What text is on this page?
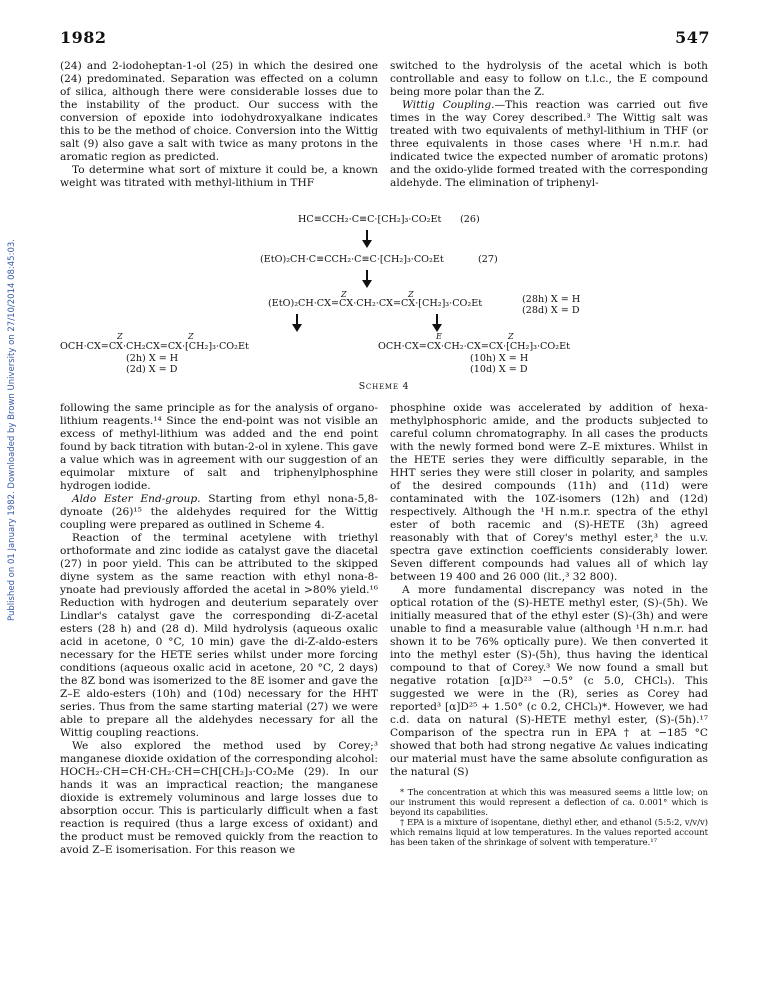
1982	547
Published on 01 January 1982. Downloaded by Brown University on 27/10/2014 08:45:03.

(24) and 2-iodoheptan-1-ol (25) in which the desired one (24) predominated. Separation was effected on a column of silica, although there were considerable losses due to the instability of the product. Our success with the conversion of epoxide into iodohydroxyalkane indicates this to be the method of choice. Conversion into the Wittig salt (9) also gave a salt with twice as many protons in the aromatic region as predicted.

To determine what sort of mixture it could be, a known weight was titrated with methyl-lithium in THF

switched to the hydrolysis of the acetal which is both controllable and easy to follow on t.l.c., the E compound being more polar than the Z.

Wittig Coupling.—This reaction was carried out five times in the way Corey described.³ The Wittig salt was treated with two equivalents of methyl-lithium in THF (or three equivalents in those cases where ¹H n.m.r. had indicated twice the expected number of aromatic protons) and the oxido-ylide formed treated with the corresponding aldehyde. The elimination of triphenyl-

HC≡CCH₂·C≡C·[CH₂]₃·CO₂Et (26)
(EtO)₂CH·C≡CCH₂·C≡C·[CH₂]₃·CO₂Et	(27)
Z	Z
(EtO)₂CH·CX=CX·CH₂·CX=CX·[CH₂]₃·CO₂Et	(28h) X = H
(28d) X = D
Z	Z
OCH·CX=CX·CH₂CX=CX·[CH₂]₃·CO₂Et
(2h) X = H
(2d) X = D
E	Z
OCH·CX=CX·CH₂·CX=CX·[CH₂]₃·CO₂Et
(10h) X = H
(10d) X = D
Scheme 4

following the same principle as for the analysis of organo-lithium reagents.¹⁴ Since the end-point was not visible an excess of methyl-lithium was added and the end point found by back titration with butan-2-ol in xylene. This gave a value which was in agreement with our suggestion of an equimolar mixture of salt and triphenylphosphine hydrogen iodide.

Aldo Ester End-group. Starting from ethyl nona-5,8-dynoate (26)¹⁵ the aldehydes required for the Wittig coupling were prepared as outlined in Scheme 4.

Reaction of the terminal acetylene with triethyl orthoformate and zinc iodide as catalyst gave the diacetal (27) in poor yield. This can be attributed to the skipped diyne system as the same reaction with ethyl nona-8-ynoate had previously afforded the acetal in >80% yield.¹⁶ Reduction with hydrogen and deuterium separately over Lindlar's catalyst gave the corresponding di-Z-acetal esters (28 h) and (28 d). Mild hydrolysis (aqueous oxalic acid in acetone, 0 °C, 10 min) gave the di-Z-aldo-esters necessary for the HETE series whilst under more forcing conditions (aqueous oxalic acid in acetone, 20 °C, 2 days) the 8Z bond was isomerized to the 8E isomer and gave the Z–E aldo-esters (10h) and (10d) necessary for the HHT series. Thus from the same starting material (27) we were able to prepare all the aldehydes necessary for all the Wittig coupling reactions.

We also explored the method used by Corey;³ manganese dioxide oxidation of the corresponding alcohol: HOCH₂·CH=CH·CH₂·CH=CH[CH₂]₃·CO₂Me (29). In our hands it was an impractical reaction; the manganese dioxide is extremely voluminous and large losses due to absorption occur. This is particularly difficult when a fast reaction is required (thus a large excess of oxidant) and the product must be removed quickly from the reaction to avoid Z–E isomerisation. For this reason we

phosphine oxide was accelerated by addition of hexa-methylphosphoric amide, and the products subjected to careful column chromatography. In all cases the products with the newly formed bond were Z–E mixtures. Whilst in the HETE series they were difficultly separable, in the HHT series they were still closer in polarity, and samples of the desired compounds (11h) and (11d) were contaminated with the 10Z-isomers (12h) and (12d) respectively. Although the ¹H n.m.r. spectra of the ethyl ester of both racemic and (S)-HETE (3h) agreed reasonably with that of Corey's methyl ester,³ the u.v. spectra gave extinction coefficients considerably lower. Seven different compounds had values all of which lay between 19 400 and 26 000 (lit.,³ 32 800).

A more fundamental discrepancy was noted in the optical rotation of the (S)-HETE methyl ester, (S)-(5h). We initially measured that of the ethyl ester (S)-(3h) and were unable to find a measurable value (although ¹H n.m.r. had shown it to be 76% optically pure). We then converted it into the methyl ester (S)-(5h), thus having the identical compound to that of Corey.³ We now found a small but negative rotation [α]D²³ −0.5° (c 5.0, CHCl₃). This suggested we were in the (R), series as Corey had reported³ [α]D²⁵ + 1.50° (c 0.2, CHCl₃)*. However, we had c.d. data on natural (S)-HETE methyl ester, (S)-(5h).¹⁷ Comparison of the spectra run in EPA † at −185 °C showed that both had strong negative Δε values indicating our material must have the same absolute configuration as the natural (S)

* The concentration at which this was measured seems a little low; on our instrument this would represent a deflection of ca. 0.001° which is beyond its capabilities.

† EPA is a mixture of isopentane, diethyl ether, and ethanol (5:5:2, v/v/v) which remains liquid at low temperatures. In the values reported account has been taken of the shrinkage of solvent with temperature.¹⁷
